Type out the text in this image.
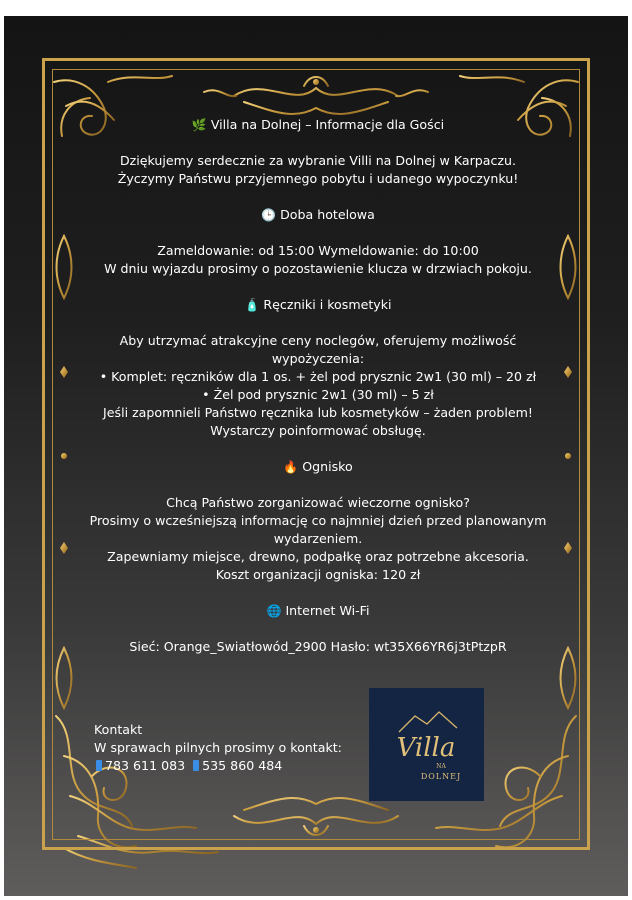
🌿 Villa na Dolnej – Informacje dla Gości

Dziękujemy serdecznie za wybranie Villi na Dolnej w Karpaczu.

Życzymy Państwu przyjemnego pobytu i udanego wypoczynku!

🕒 Doba hotelowa

Zameldowanie: od 15:00 Wymeldowanie: do 10:00

W dniu wyjazdu prosimy o pozostawienie klucza w drzwiach pokoju.

🧴 Ręczniki i kosmetyki

Aby utrzymać atrakcyjne ceny noclegów, oferujemy możliwość

wypożyczenia:

• Komplet: ręczników dla 1 os. + żel pod prysznic 2w1 (30 ml) – 20 zł

• Żel pod prysznic 2w1 (30 ml) – 5 zł

Jeśli zapomnieli Państwo ręcznika lub kosmetyków – żaden problem!

Wystarczy poinformować obsługę.

🔥 Ognisko

Chcą Państwo zorganizować wieczorne ognisko?

Prosimy o wcześniejszą informację co najmniej dzień przed planowanym

wydarzeniem.

Zapewniamy miejsce, drewno, podpałkę oraz potrzebne akcesoria.

Koszt organizacji ogniska: 120 zł

🌐 Internet Wi-Fi

Sieć: Orange_Swiatłowód_2900 Hasło: wt35X66YR6j3tPtzpR

Kontakt

W sprawach pilnych prosimy o kontakt:

783 611 083 535 860 484

Villa
NA
DOLNEJ
